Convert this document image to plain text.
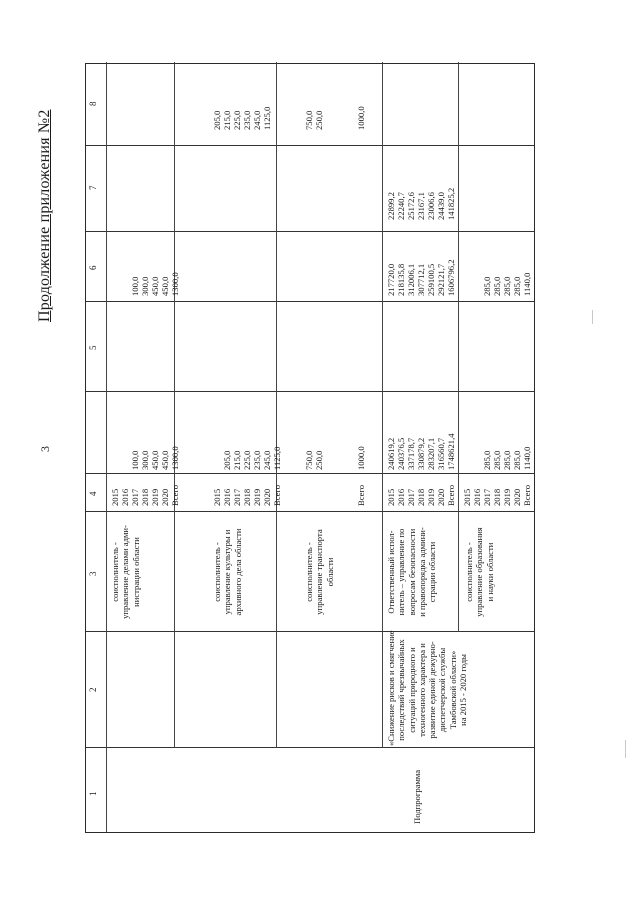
3
Продолжение приложения №2
1
2
3
4
5
6
7
8
соисполнитель -
управление делами адми-
нистрации области
2015 2016 2017 2018 2019 2020 Всего
100,0 300,0 450,0 450,0 1300,0
100,0 300,0 450,0 450,0 1300,0
соисполнитель -
управление культуры и
архивного дела области
2015 2016 2017 2018 2019 2020 Всего
205,0 215,0 225,0 235,0 245,0 1125,0
205,0 215,0 225,0 235,0 245,0 1125,0
соисполнитель -
управление транспорта
области
750,0 250,0
750,0 250,0
Всего
1000,0
1000,0
Подпрограмма
«Снижение рисков и смягчение
последствий чрезвычайных
ситуаций природного и
техногенного характера и
развитие единой дежурно-
диспетчерской службы
Тамбовской области»
на 2015 - 2020 годы
Ответственный испол-
нитель – управление по
вопросам безопасности
и правопорядка админи-
страции области
2015 2016 2017 2018 2019 2020 Всего
240619,2 240376,5 337178,7 330879,2 283207,1 316560,7 1748621,4
217720,0 218135,8 312006,1 307712,1 259100,5 292121,7 1606796,2
22899,2 22240,7 25172,6 23167,1 23006,6 24439,0 141825,2
соисполнитель -
управление образования
и науки области
2015 2016 2017 2018 2019 2020 Всего
285,0 285,0 285,0 285,0 1140,0
285,0 285,0 285,0 285,0 1140,0
